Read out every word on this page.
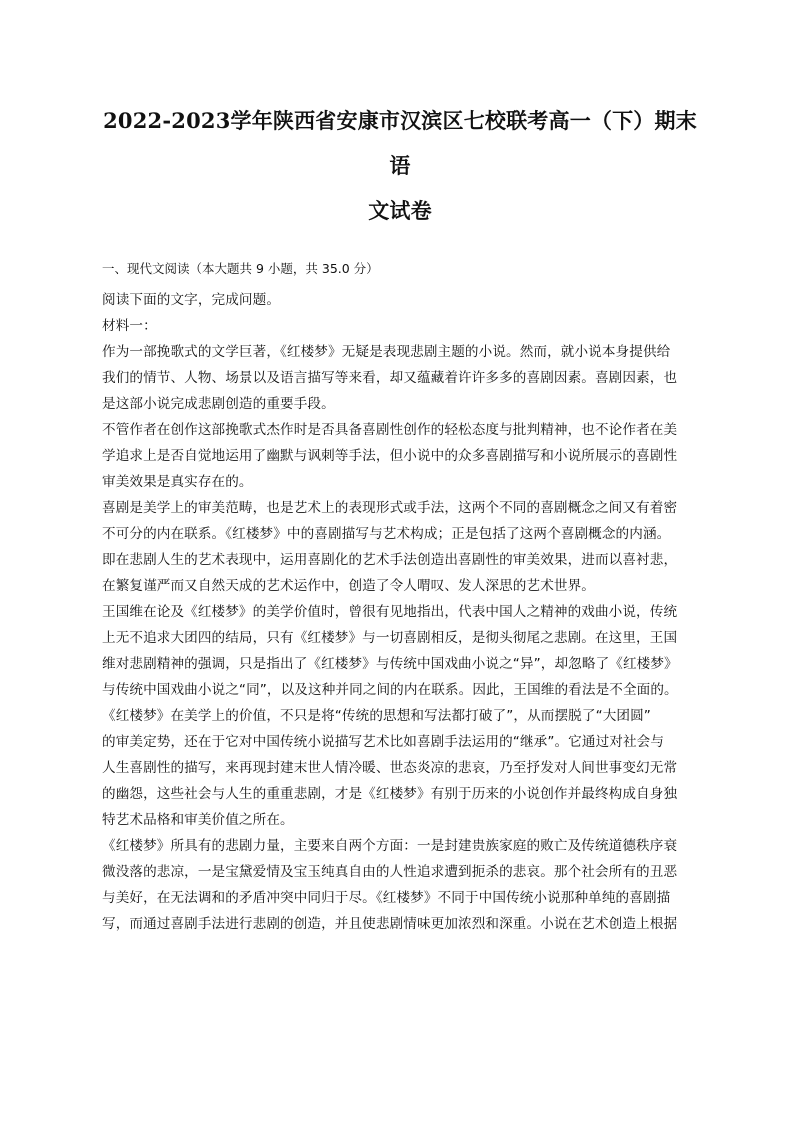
2022-2023学年陕西省安康市汉滨区七校联考高一（下）期末语
文试卷
一、现代文阅读（本大题共 9 小题，共 35.0 分）
阅读下面的文字，完成问题。
材料一：
作为一部挽歌式的文学巨著，《红楼梦》无疑是表现悲剧主题的小说。然而，就小说本身提供给
我们的情节、人物、场景以及语言描写等来看，却又蕴藏着许许多多的喜剧因素。喜剧因素，也
是这部小说完成悲剧创造的重要手段。
不管作者在创作这部挽歌式杰作时是否具备喜剧性创作的轻松态度与批判精神，也不论作者在美
学追求上是否自觉地运用了幽默与讽刺等手法，但小说中的众多喜剧描写和小说所展示的喜剧性
审美效果是真实存在的。
喜剧是美学上的审美范畴，也是艺术上的表现形式或手法，这两个不同的喜剧概念之间又有着密
不可分的内在联系。《红楼梦》中的喜剧描写与艺术构成；正是包括了这两个喜剧概念的内涵。
即在悲剧人生的艺术表现中，运用喜剧化的艺术手法创造出喜剧性的审美效果，进而以喜衬悲，
在繁复谨严而又自然天成的艺术运作中，创造了令人喟叹、发人深思的艺术世界。
王国维在论及《红楼梦》的美学价值时，曾很有见地指出，代表中国人之精神的戏曲小说，传统
上无不追求大团四的结局，只有《红楼梦》与一切喜剧相反，是彻头彻尾之悲剧。在这里，王国
维对悲剧精神的强调，只是指出了《红楼梦》与传统中国戏曲小说之“异”，却忽略了《红楼梦》
与传统中国戏曲小说之“同”，以及这种并同之间的内在联系。因此，王国维的看法是不全面的。
《红楼梦》在美学上的价值，不只是将“传统的思想和写法都打破了”，从而摆脱了“大团圆”
的审美定势，还在于它对中国传统小说描写艺术比如喜剧手法运用的“继承”。它通过对社会与
人生喜剧性的描写，来再现封建末世人情冷暖、世态炎凉的悲哀，乃至抒发对人间世事变幻无常
的幽怨，这些社会与人生的重重悲剧，才是《红楼梦》有别于历来的小说创作并最终构成自身独
特艺术品格和审美价值之所在。
《红楼梦》所具有的悲剧力量，主要来自两个方面：一是封建贵族家庭的败亡及传统道德秩序衰
微没落的悲凉，一是宝黛爱情及宝玉纯真自由的人性追求遭到扼杀的悲哀。那个社会所有的丑恶
与美好，在无法调和的矛盾冲突中同归于尽。《红楼梦》不同于中国传统小说那种单纯的喜剧描
写，而通过喜剧手法进行悲剧的创造，并且使悲剧情味更加浓烈和深重。小说在艺术创造上根据
